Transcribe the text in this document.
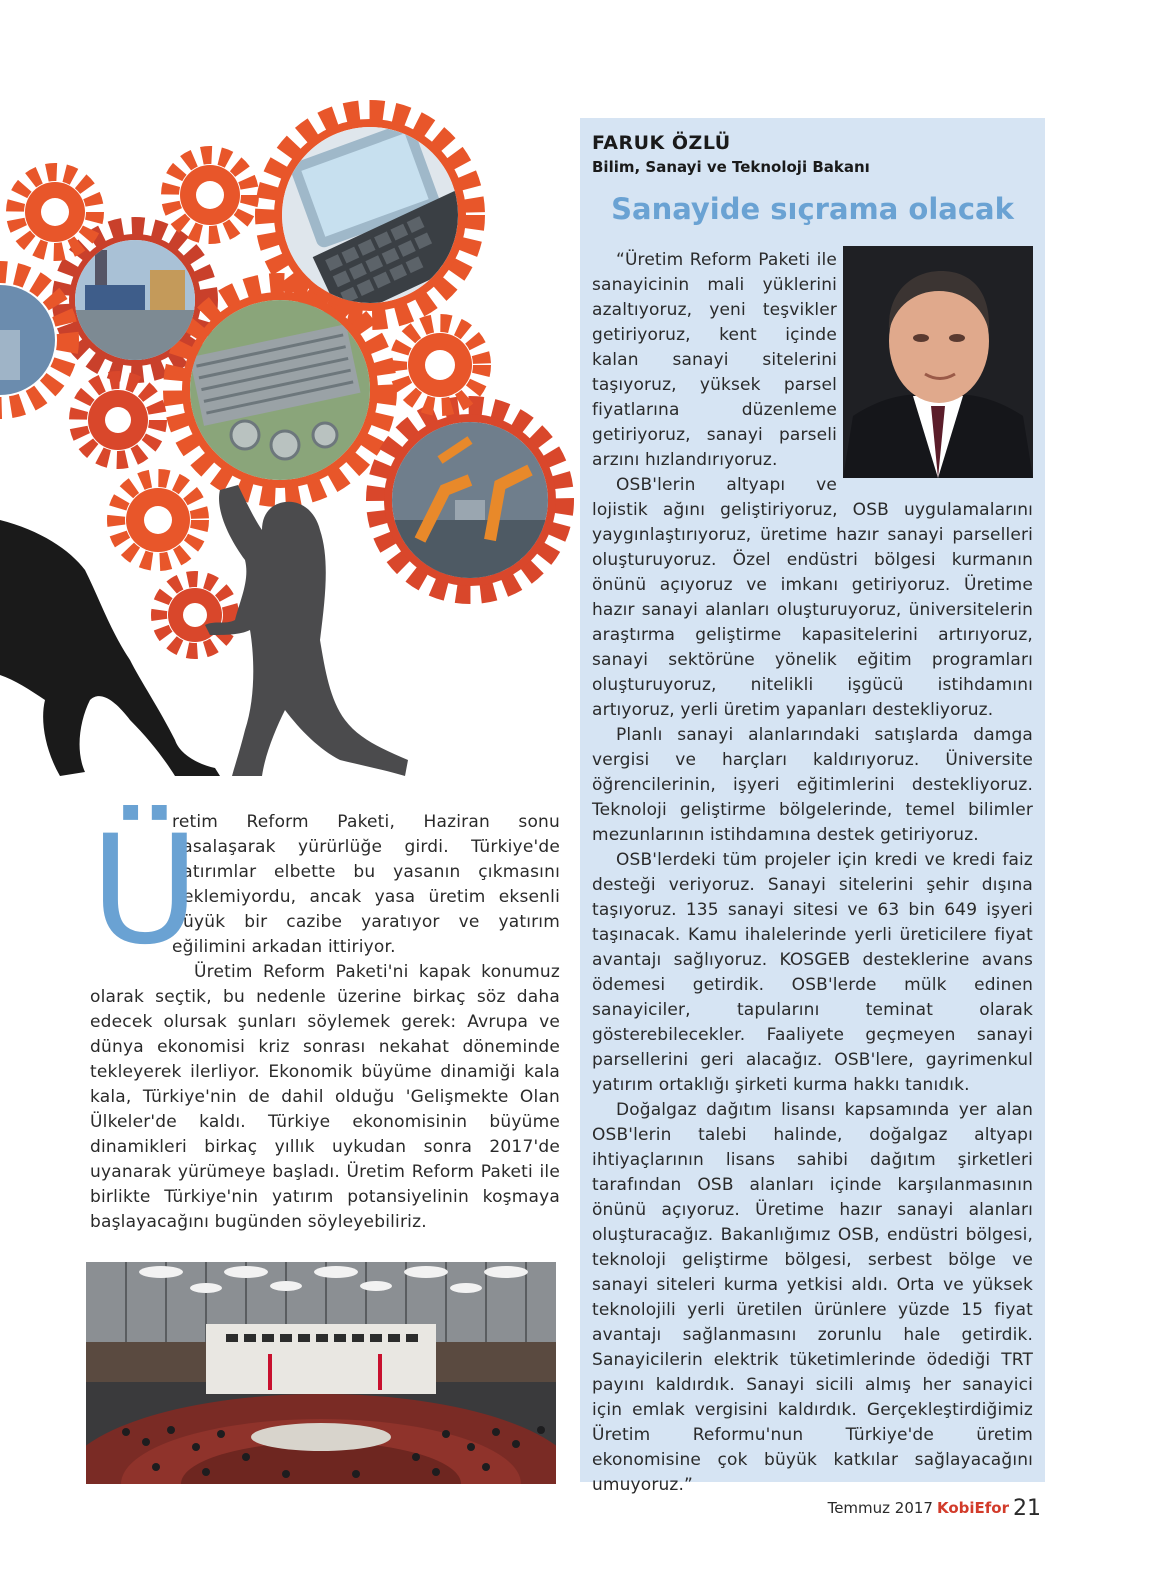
Ü

retim Reform Paketi, Haziran sonu yasalaşarak yürürlüğe girdi. Türkiye'de yatırımlar elbette bu yasanın çıkmasını beklemiyordu, ancak yasa üretim eksenli büyük bir cazibe yaratıyor ve yatırım eğilimini arkadan ittiriyor.

Üretim Reform Paketi'ni kapak konumuz olarak seçtik, bu nedenle üzerine birkaç söz daha edecek olursak şunları söylemek gerek: Avrupa ve dünya ekonomisi kriz sonrası nekahat döneminde tekleyerek ilerliyor. Ekonomik büyüme dinamiği kala kala, Türkiye'nin de dahil olduğu 'Gelişmekte Olan Ülkeler'de kaldı. Türkiye ekonomisinin büyüme dinamikleri birkaç yıllık uykudan sonra 2017'de uyanarak yürümeye başladı. Üretim Reform Paketi ile birlikte Türkiye'nin yatırım potansiyelinin koşmaya başlayacağını bugünden söyleyebiliriz.

FARUK ÖZLÜ
Bilim, Sanayi ve Teknoloji Bakanı
Sanayide sıçrama olacak

“Üretim Reform Paketi ile sanayicinin mali yüklerini azaltıyoruz, yeni teşvikler getiriyoruz, kent içinde kalan sanayi sitelerini taşıyoruz, yüksek parsel fiyatlarına düzenleme getiriyoruz, sanayi parseli arzını hızlandırıyoruz.

OSB'lerin altyapı ve lojistik ağını geliştiriyoruz, OSB uygulamalarını yaygınlaştırıyoruz, üretime hazır sanayi parselleri oluşturuyoruz. Özel endüstri bölgesi kurmanın önünü açıyoruz ve imkanı getiriyoruz. Üretime hazır sanayi alanları oluşturuyoruz, üniversitelerin araştırma geliştirme kapasitelerini artırıyoruz, sanayi sektörüne yönelik eğitim programları oluşturuyoruz, nitelikli işgücü istihdamını artıyoruz, yerli üretim yapanları destekliyoruz.

Planlı sanayi alanlarındaki satışlarda damga vergisi ve harçları kaldırıyoruz. Üniversite öğrencilerinin, işyeri eğitimlerini destekliyoruz. Teknoloji geliştirme bölgelerinde, temel bilimler mezunlarının istihdamına destek getiriyoruz.

OSB'lerdeki tüm projeler için kredi ve kredi faiz desteği veriyoruz. Sanayi sitelerini şehir dışına taşıyoruz. 135 sanayi sitesi ve 63 bin 649 işyeri taşınacak. Kamu ihalelerinde yerli üreticilere fiyat avantajı sağlıyoruz. KOSGEB desteklerine avans ödemesi getirdik. OSB'lerde mülk edinen sanayiciler, tapularını teminat olarak gösterebilecekler. Faaliyete geçmeyen sanayi parsellerini geri alacağız. OSB'lere, gayrimenkul yatırım ortaklığı şirketi kurma hakkı tanıdık.

Doğalgaz dağıtım lisansı kapsamında yer alan OSB'lerin talebi halinde, doğalgaz altyapı ihtiyaçlarının lisans sahibi dağıtım şirketleri tarafından OSB alanları içinde karşılanmasının önünü açıyoruz. Üretime hazır sanayi alanları oluşturacağız. Bakanlığımız OSB, endüstri bölgesi, teknoloji geliştirme bölgesi, serbest bölge ve sanayi siteleri kurma yetkisi aldı. Orta ve yüksek teknolojili yerli üretilen ürünlere yüzde 15 fiyat avantajı sağlanmasını zorunlu hale getirdik. Sanayicilerin elektrik tüketimlerinde ödediği TRT payını kaldırdık. Sanayi sicili almış her sanayici için emlak vergisini kaldırdık. Gerçekleştirdiğimiz Üretim Reformu'nun Türkiye'de üretim ekonomisine çok büyük katkılar sağlayacağını umuyoruz.”

Temmuz 2017 KobiEfor 21
